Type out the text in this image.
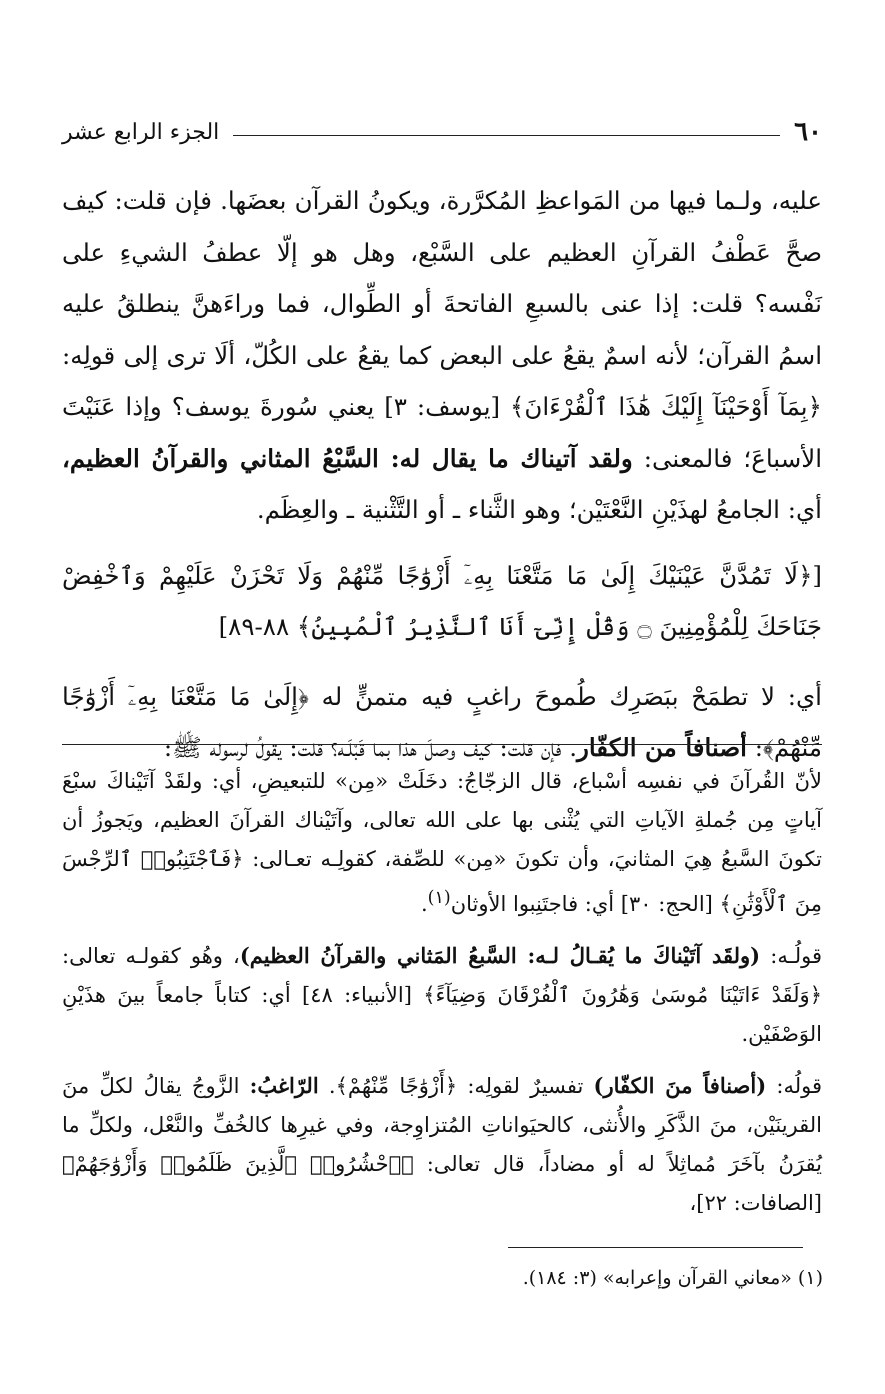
٦٠
الجزء الرابع عشر

عليه، ولـما فيها من المَواعظِ المُكرَّرة، ويكونُ القرآن بعضَها. فإن قلت: كيف صحَّ عَطْفُ القرآنِ العظيم على السَّبْع، وهل هو إلّا عطفُ الشيءِ على نَفْسه؟ قلت: إذا عنى بالسبعِ الفاتحةَ أو الطِّوال، فما وراءَهنَّ ينطلقُ عليه اسمُ القرآن؛ لأنه اسمٌ يقعُ على البعض كما يقعُ على الكُلّ، ألَا ترى إلى قولِه: ﴿بِمَآ أَوْحَيْنَآ إِلَيْكَ هَٰذَا ٱلْقُرْءَانَ﴾ [يوسف: ٣] يعني سُورةَ يوسف؟ وإذا عَنَيْتَ الأسباعَ؛ فالمعنى: ولقد آتيناك ما يقال له: السَّبْعُ المثاني والقرآنُ العظيم، أي: الجامعُ لهذَيْنِ النَّعْتَيْن؛ وهو الثَّناء ـ أو التَّثْنية ـ والعِظَم.

[﴿لَا تَمُدَّنَّ عَيْنَيْكَ إِلَىٰ مَا مَتَّعْنَا بِهِۦٓ أَزْوَٰجًا مِّنْهُمْ وَلَا تَحْزَنْ عَلَيْهِمْ وَٱخْفِضْ جَنَاحَكَ لِلْمُؤْمِنِينَ ۝ وَقُلْ إِنِّىٓ أَنَا ٱلنَّذِيرُ ٱلْمُبِينُ﴾ ٨٨-٨٩]

أي: لا تطمَحْ ببَصَرِك طُموحَ راغبٍ فيه متمنٍّ له ﴿إِلَىٰ مَا مَتَّعْنَا بِهِۦٓ أَزْوَٰجًا مِّنْهُمْ﴾: أصنافاً من الكفّار. فإن قلت: كيف وصلَ هذا بما قَبْلَـه؟ قلت: يقولُ لرسوله ﷺ:

لأنّ القُرآنَ في نفسِه أسْباع، قال الزجّاجُ: دخَلَتْ «مِن» للتبعيضِ، أي: ولقَدْ آتَيْناكَ سبْعَ آياتٍ مِن جُملةِ الآياتِ التي يُثْنى بها على الله تعالى، وآتَيْناك القرآنَ العظيم، ويَجوزُ أن تكونَ السَّبعُ هِيَ المثانيَ، وأن تكونَ «مِن» للصِّفة، كقولِـه تعـالى: ﴿فَٱجْتَنِبُوا۟ ٱلرِّجْسَ مِنَ ٱلْأَوْثَٰنِ﴾ [الحج: ٣٠] أي: فاجتَنِبوا الأوثان$^{(١)}$.

قولُـه: (ولقَد آتَيْناكَ ما يُقـالُ لـه: السَّبعُ المَثاني والقرآنُ العظيم)، وهُو كقولـه تعالى: ﴿وَلَقَدْ ءَاتَيْنَا مُوسَىٰ وَهَٰرُونَ ٱلْفُرْقَانَ وَضِيَآءً﴾ [الأنبياء: ٤٨] أي: كتاباً جامعاً بينَ هذَيْنِ الوَصْفَيْن.

قولُه: (أصنافاً منَ الكفّار) تفسيرٌ لقولِه: ﴿أَزْوَٰجًا مِّنْهُمْ﴾. الرّاغبُ: الزَّوجُ يقالُ لكلِّ منَ القرينَيْن، منَ الذَّكَرِ والأُنثى، كالحيَواناتِ المُتزاوِجة، وفي غيرِها كالخُفِّ والنَّعْل، ولكلِّ ما يُقرَنُ بآخَرَ مُماثِلاً له أو مضاداً، قال تعالى: ﴿ٱحْشُرُوا۟ ٱلَّذِينَ ظَلَمُوا۟ وَأَزْوَٰجَهُمْ﴾ [الصافات: ٢٢]،

(١) «معاني القرآن وإعرابه» (٣: ١٨٤).
